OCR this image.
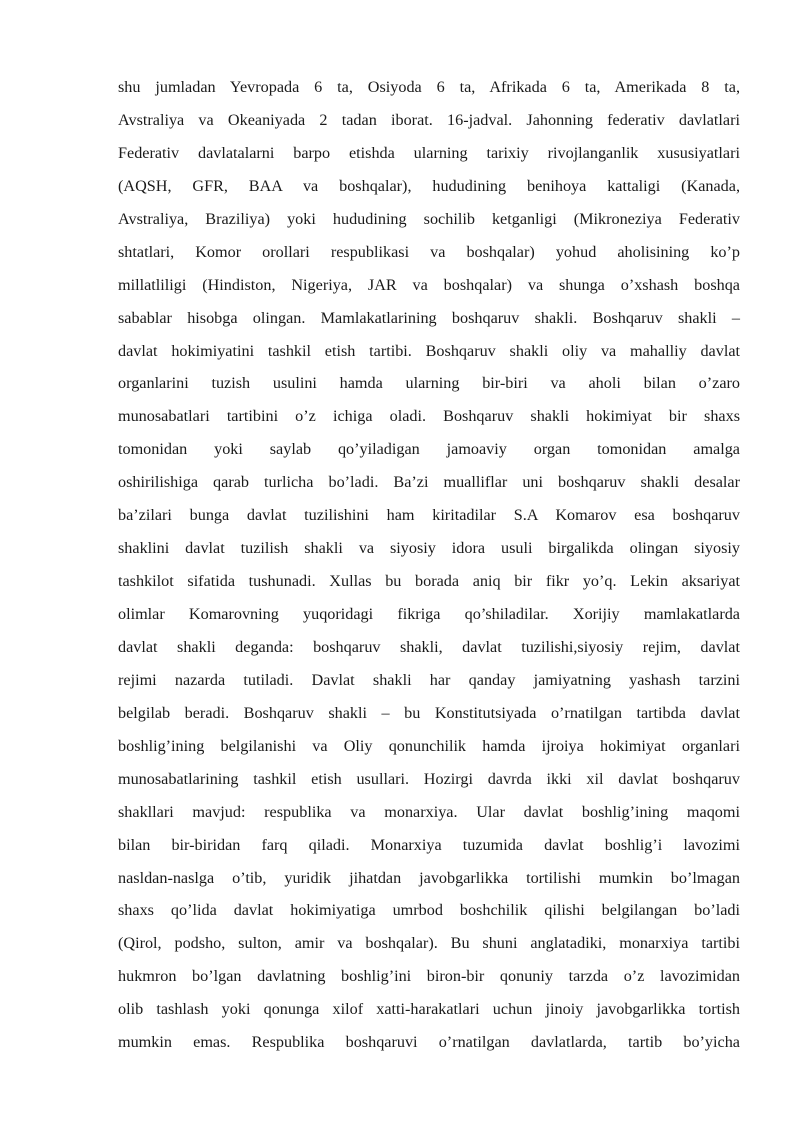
shu jumladan Yevropada 6 ta, Osiyoda 6 ta, Afrikada 6 ta, Amerikada 8 ta,
Avstraliya va Okeaniyada 2 tadan iborat. 16-jadval. Jahonning federativ davlatlari
Federativ davlatalarni barpo etishda ularning tarixiy rivojlanganlik xususiyatlari
(AQSH, GFR, BAA va boshqalar), hududining benihoya kattaligi (Kanada,
Avstraliya, Braziliya) yoki hududining sochilib ketganligi (Mikroneziya Federativ
shtatlari, Komor orollari respublikasi va boshqalar) yohud aholisining ko’p
millatliligi (Hindiston, Nigeriya, JAR va boshqalar) va shunga o’xshash boshqa
sabablar hisobga olingan. Mamlakatlarining boshqaruv shakli. Boshqaruv shakli –
davlat hokimiyatini tashkil etish tartibi. Boshqaruv shakli oliy va mahalliy davlat
organlarini tuzish usulini hamda ularning bir-biri va aholi bilan o’zaro
munosabatlari tartibini o’z ichiga oladi. Boshqaruv shakli hokimiyat bir shaxs
tomonidan yoki saylab qo’yiladigan jamoaviy organ tomonidan amalga
oshirilishiga qarab turlicha bo’ladi. Ba’zi mualliflar uni boshqaruv shakli desalar
ba’zilari bunga davlat tuzilishini ham kiritadilar S.A Komarov esa boshqaruv
shaklini davlat tuzilish shakli va siyosiy idora usuli birgalikda olingan siyosiy
tashkilot sifatida tushunadi. Xullas bu borada aniq bir fikr yo’q. Lekin aksariyat
olimlar Komarovning yuqoridagi fikriga qo’shiladilar. Xorijiy mamlakatlarda
davlat shakli deganda: boshqaruv shakli, davlat tuzilishi,siyosiy rejim, davlat
rejimi nazarda tutiladi. Davlat shakli har qanday jamiyatning yashash tarzini
belgilab beradi. Boshqaruv shakli – bu Konstitutsiyada o’rnatilgan tartibda davlat
boshlig’ining belgilanishi va Oliy qonunchilik hamda ijroiya hokimiyat organlari
munosabatlarining tashkil etish usullari. Hozirgi davrda ikki xil davlat boshqaruv
shakllari mavjud: respublika va monarxiya. Ular davlat boshlig’ining maqomi
bilan bir-biridan farq qiladi. Monarxiya tuzumida davlat boshlig’i lavozimi
nasldan-naslga o’tib, yuridik jihatdan javobgarlikka tortilishi mumkin bo’lmagan
shaxs qo’lida davlat hokimiyatiga umrbod boshchilik qilishi belgilangan bo’ladi
(Qirol, podsho, sulton, amir va boshqalar). Bu shuni anglatadiki, monarxiya tartibi
hukmron bo’lgan davlatning boshlig’ini biron-bir qonuniy tarzda o’z lavozimidan
olib tashlash yoki qonunga xilof xatti-harakatlari uchun jinoiy javobgarlikka tortish
mumkin emas. Respublika boshqaruvi o’rnatilgan davlatlarda, tartib bo’yicha
